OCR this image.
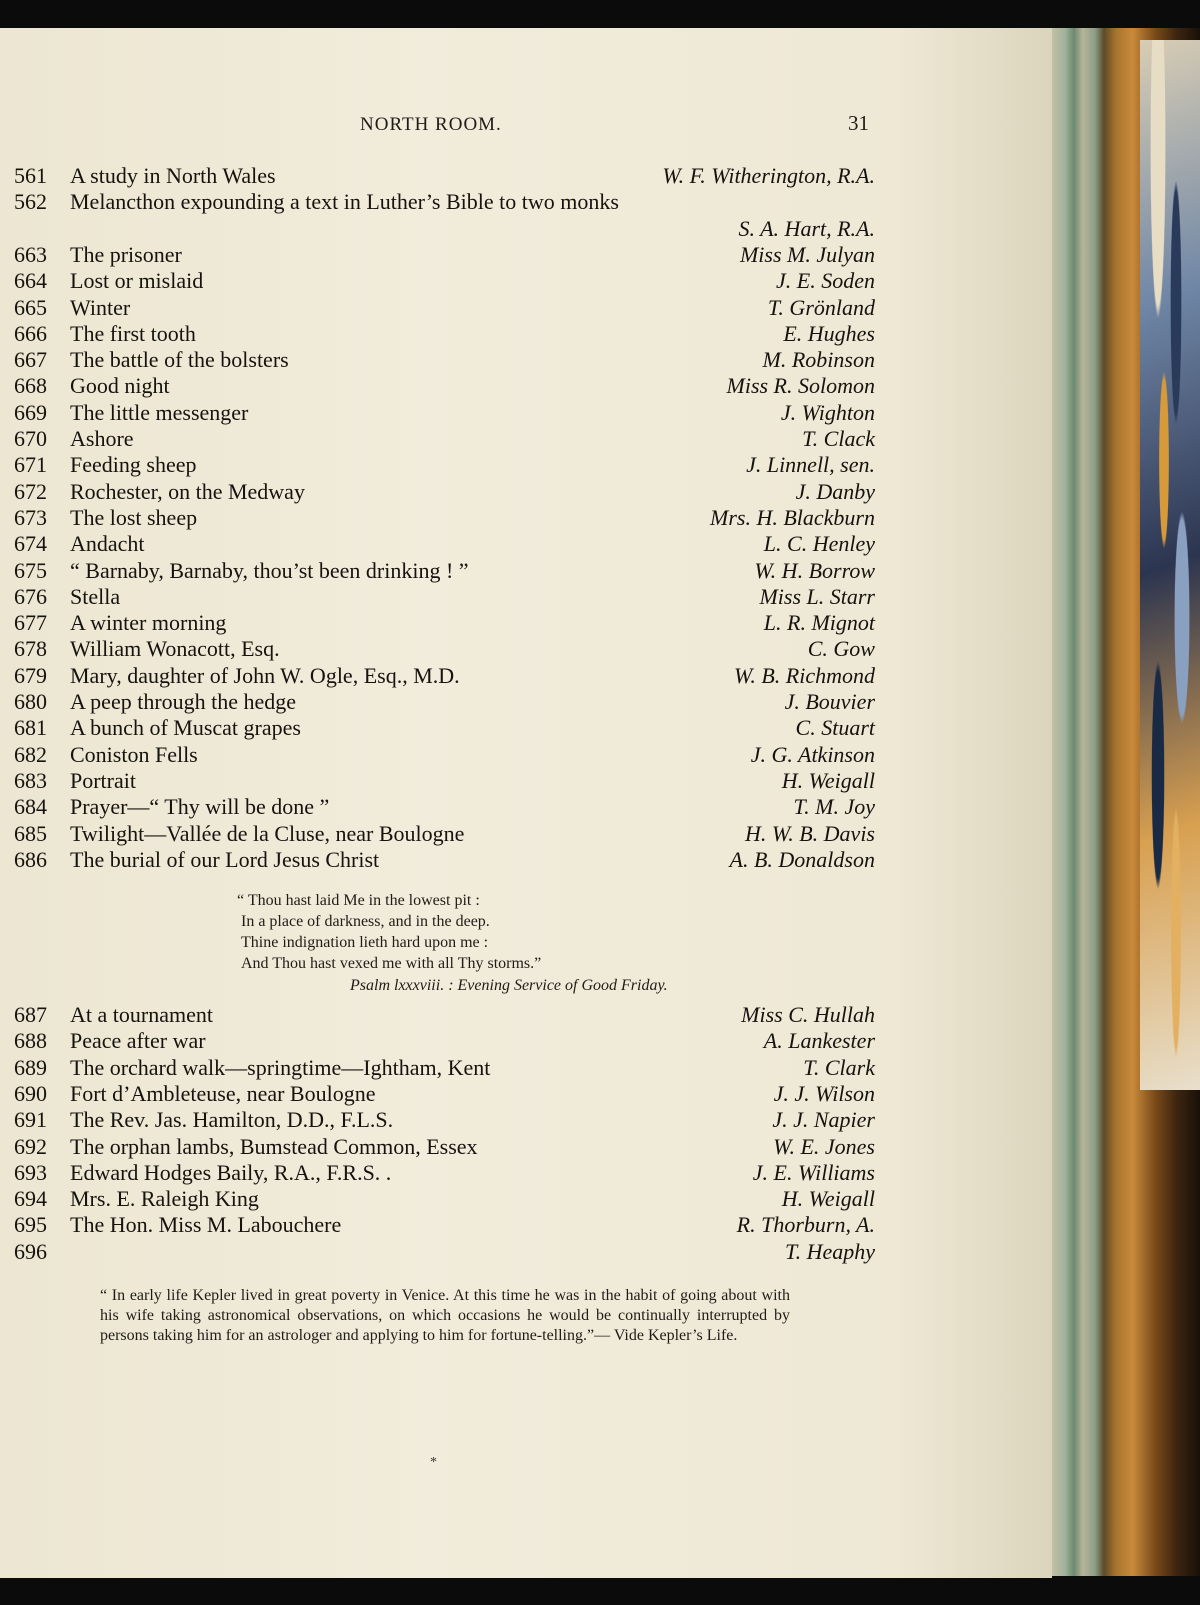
NORTH ROOM.	31
561 A study in North Wales	W. F. Witherington, R.A.
562 Melancthon expounding a text in Luther’s Bible to two monks
S. A. Hart, R.A.
663 The prisoner	Miss M. Julyan
664 Lost or mislaid	J. E. Soden
665 Winter	T. Grönland
666 The first tooth	E. Hughes
667 The battle of the bolsters	M. Robinson
668 Good night	Miss R. Solomon
669 The little messenger	J. Wighton
670 Ashore	T. Clack
671 Feeding sheep	J. Linnell, sen.
672 Rochester, on the Medway	J. Danby
673 The lost sheep	Mrs. H. Blackburn
674 Andacht	L. C. Henley
675 “ Barnaby, Barnaby, thou’st been drinking ! ”	W. H. Borrow
676 Stella	Miss L. Starr
677 A winter morning	L. R. Mignot
678 William Wonacott, Esq.	C. Gow
679 Mary, daughter of John W. Ogle, Esq., M.D.	W. B. Richmond
680 A peep through the hedge	J. Bouvier
681 A bunch of Muscat grapes	C. Stuart
682 Coniston Fells	J. G. Atkinson
683 Portrait	H. Weigall
684 Prayer—“ Thy will be done ”	T. M. Joy
685 Twilight—Vallée de la Cluse, near Boulogne	H. W. B. Davis
686 The burial of our Lord Jesus Christ	A. B. Donaldson
“ Thou hast laid Me in the lowest pit :
In a place of darkness, and in the deep.
Thine indignation lieth hard upon me :
And Thou hast vexed me with all Thy storms.”
Psalm lxxxviii. : Evening Service of Good Friday.
687 At a tournament	Miss C. Hullah
688 Peace after war	A. Lankester
689 The orchard walk—springtime—Ightham, Kent	T. Clark
690 Fort d’Ambleteuse, near Boulogne	J. J. Wilson
691 The Rev. Jas. Hamilton, D.D., F.L.S.	J. J. Napier
692 The orphan lambs, Bumstead Common, Essex	W. E. Jones
693 Edward Hodges Baily, R.A., F.R.S. .	J. E. Williams
694 Mrs. E. Raleigh King	H. Weigall
695 The Hon. Miss M. Labouchere	R. Thorburn, A.
696	T. Heaphy
“ In early life Kepler lived in great poverty in Venice. At this time he was in the habit of going about with his wife taking astronomical observations, on which occasions he would be continually interrupted by persons taking him for an astrologer and applying to him for fortune-telling.”— Vide Kepler’s Life.
*
